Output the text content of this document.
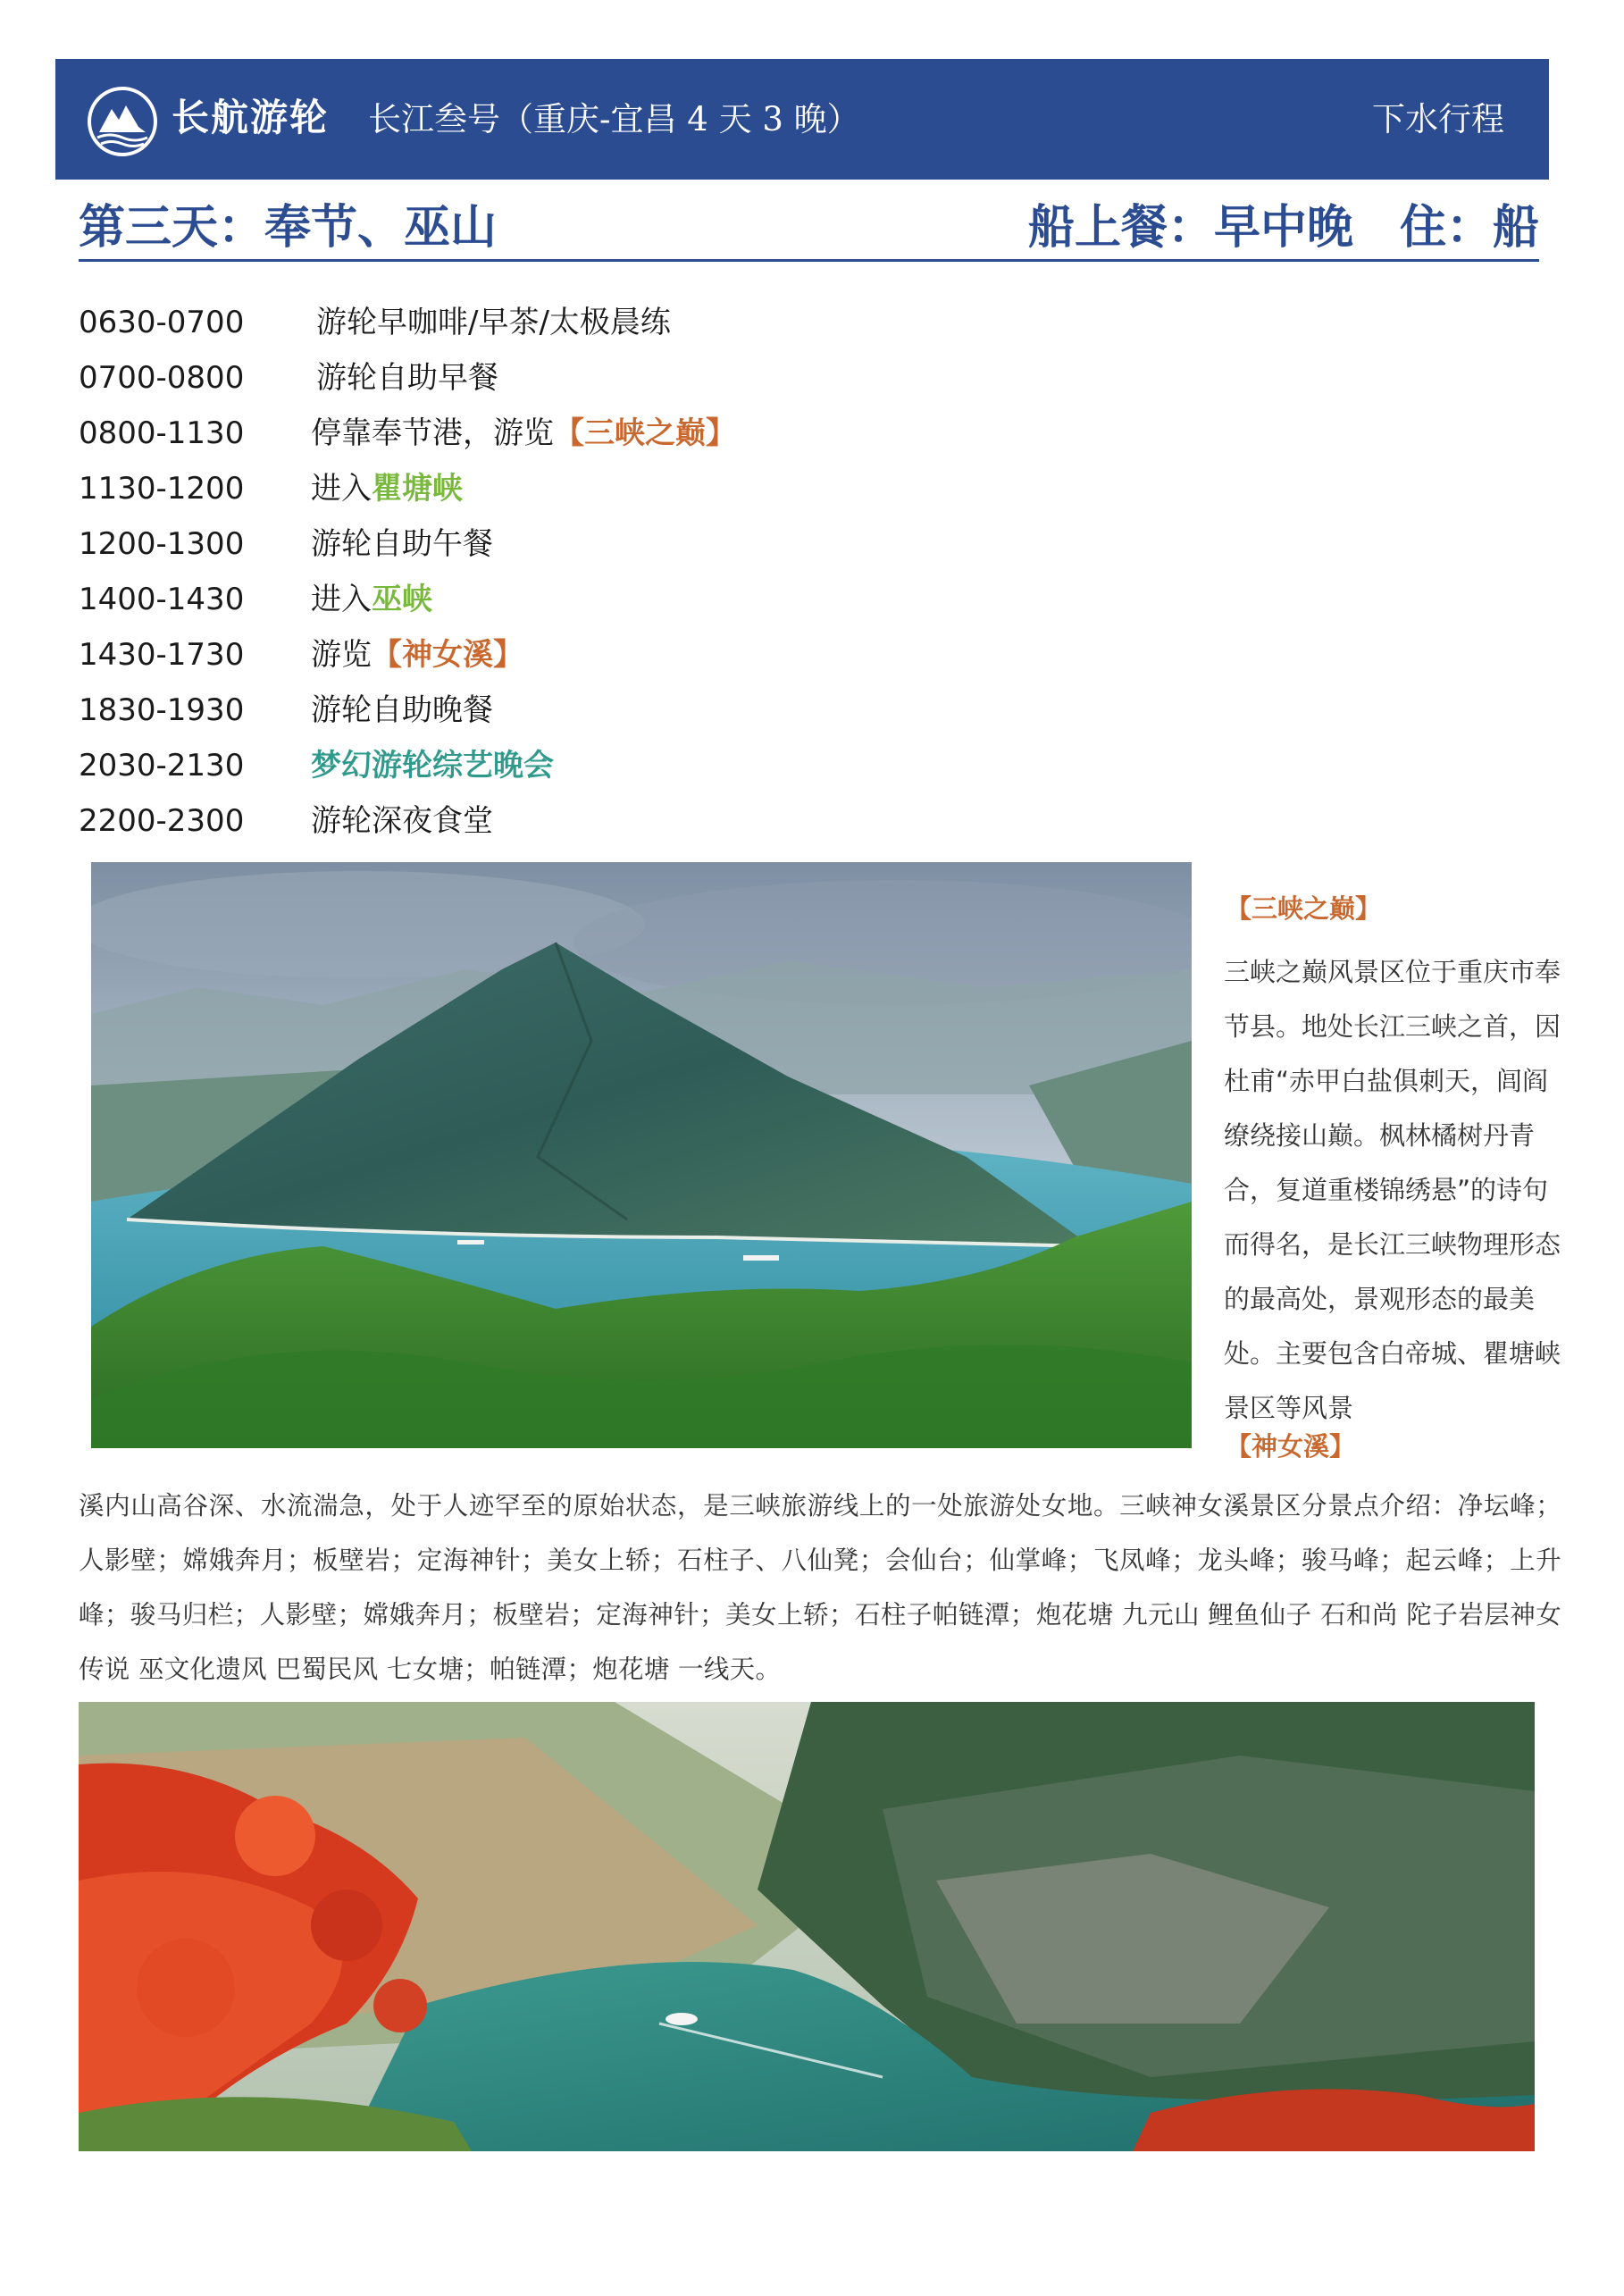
长航游轮 长江叁号（重庆-宜昌 4 天 3 晚）	下水行程
第三天：奉节、巫山	船上餐：早中晚 住：船
0630-0700 游轮早咖啡/早茶/太极晨练
0700-0800 游轮自助早餐
0800-1130 停靠奉节港，游览【三峡之巅】
1130-1200 进入瞿塘峡
1200-1300 游轮自助午餐
1400-1430 进入巫峡
1430-1730 游览【神女溪】
1830-1930 游轮自助晚餐
2030-2130 梦幻游轮综艺晚会
2200-2300 游轮深夜食堂
【三峡之巅】
三峡之巅风景区位于重庆市奉节县。地处长江三峡之首，因杜甫“赤甲白盐俱刺天，闾阎缭绕接山巅。枫林橘树丹青合，复道重楼锦绣悬”的诗句而得名，是长江三峡物理形态的最高处，景观形态的最美处。主要包含白帝城、瞿塘峡景区等风景
【神女溪】
溪内山高谷深、水流湍急，处于人迹罕至的原始状态，是三峡旅游线上的一处旅游处女地。三峡神女溪景区分景点介绍：净坛峰；人影壁；嫦娥奔月；板壁岩；定海神针；美女上轿；石柱子、八仙凳；会仙台；仙掌峰；飞凤峰；龙头峰；骏马峰；起云峰；上升峰；骏马归栏；人影壁；嫦娥奔月；板壁岩；定海神针；美女上轿；石柱子帕链潭；炮花塘 九元山 鲤鱼仙子 石和尚 陀子岩层神女传说 巫文化遗风 巴蜀民风 七女塘；帕链潭；炮花塘 一线天。
